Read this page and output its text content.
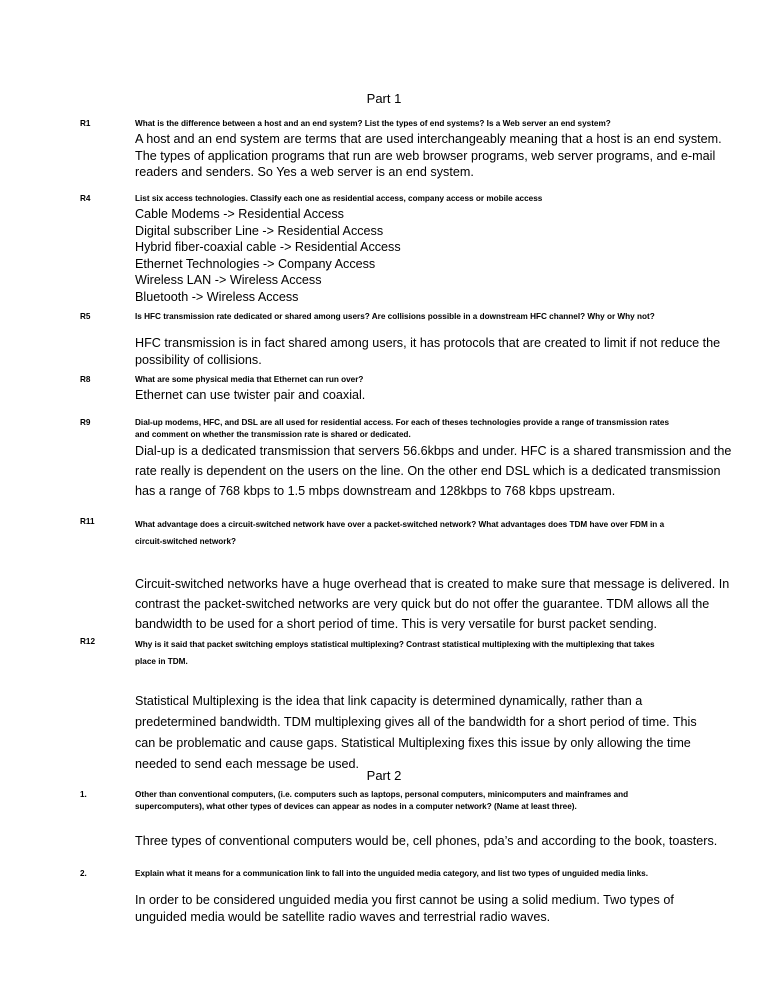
Part 1
R1	What is the difference between a host and an end system? List the types of end systems? Is a Web server an end system?
A host and an end system are terms that are used interchangeably meaning that a host is an end system.
The types of application programs that run are web browser programs, web server programs, and e-mail
readers and senders. So Yes a web server is an end system.
R4	List six access technologies. Classify each one as residential access, company access or mobile access
Cable Modems -> Residential Access
Digital subscriber Line -> Residential Access
Hybrid fiber-coaxial cable -> Residential Access
Ethernet Technologies -> Company Access
Wireless LAN -> Wireless Access
Bluetooth -> Wireless Access
R5	Is HFC transmission rate dedicated or shared among users? Are collisions possible in a downstream HFC channel? Why or Why not?
HFC transmission is in fact shared among users, it has protocols that are created to limit if not reduce the
possibility of collisions.
R8	What are some physical media that Ethernet can run over?
Ethernet can use twister pair and coaxial.
R9	Dial-up modems, HFC, and DSL are all used for residential access. For each of theses technologies provide a range of transmission rates and comment on whether the transmission rate is shared or dedicated.
Dial-up is a dedicated transmission that servers 56.6kbps and under. HFC is a shared transmission and the
rate really is dependent on the users on the line. On the other end DSL which is a dedicated transmission
has a range of 768 kbps to 1.5 mbps downstream and 128kbps to 768 kbps upstream.
R11	What advantage does a circuit-switched network have over a packet-switched network? What advantages does TDM have over FDM in a circuit-switched network?
Circuit-switched networks have a huge overhead that is created to make sure that message is delivered. In
contrast the packet-switched networks are very quick but do not offer the guarantee. TDM allows all the
bandwidth to be used for a short period of time. This is very versatile for burst packet sending.
R12	Why is it said that packet switching employs statistical multiplexing? Contrast statistical multiplexing with the multiplexing that takes place in TDM.
Statistical Multiplexing is the idea that link capacity is determined dynamically, rather than a
predetermined bandwidth. TDM multiplexing gives all of the bandwidth for a short period of time. This
can be problematic and cause gaps. Statistical Multiplexing fixes this issue by only allowing the time
needed to send each message be used.
Part 2
1.	Other than conventional computers, (i.e. computers such as laptops, personal computers, minicomputers and mainframes and supercomputers), what other types of devices can appear as nodes in a computer network? (Name at least three).
Three types of conventional computers would be, cell phones, pda’s and according to the book, toasters.
2.	Explain what it means for a communication link to fall into the unguided media category, and list two types of unguided media links.
In order to be considered unguided media you first cannot be using a solid medium. Two types of
unguided media would be satellite radio waves and terrestrial radio waves.
